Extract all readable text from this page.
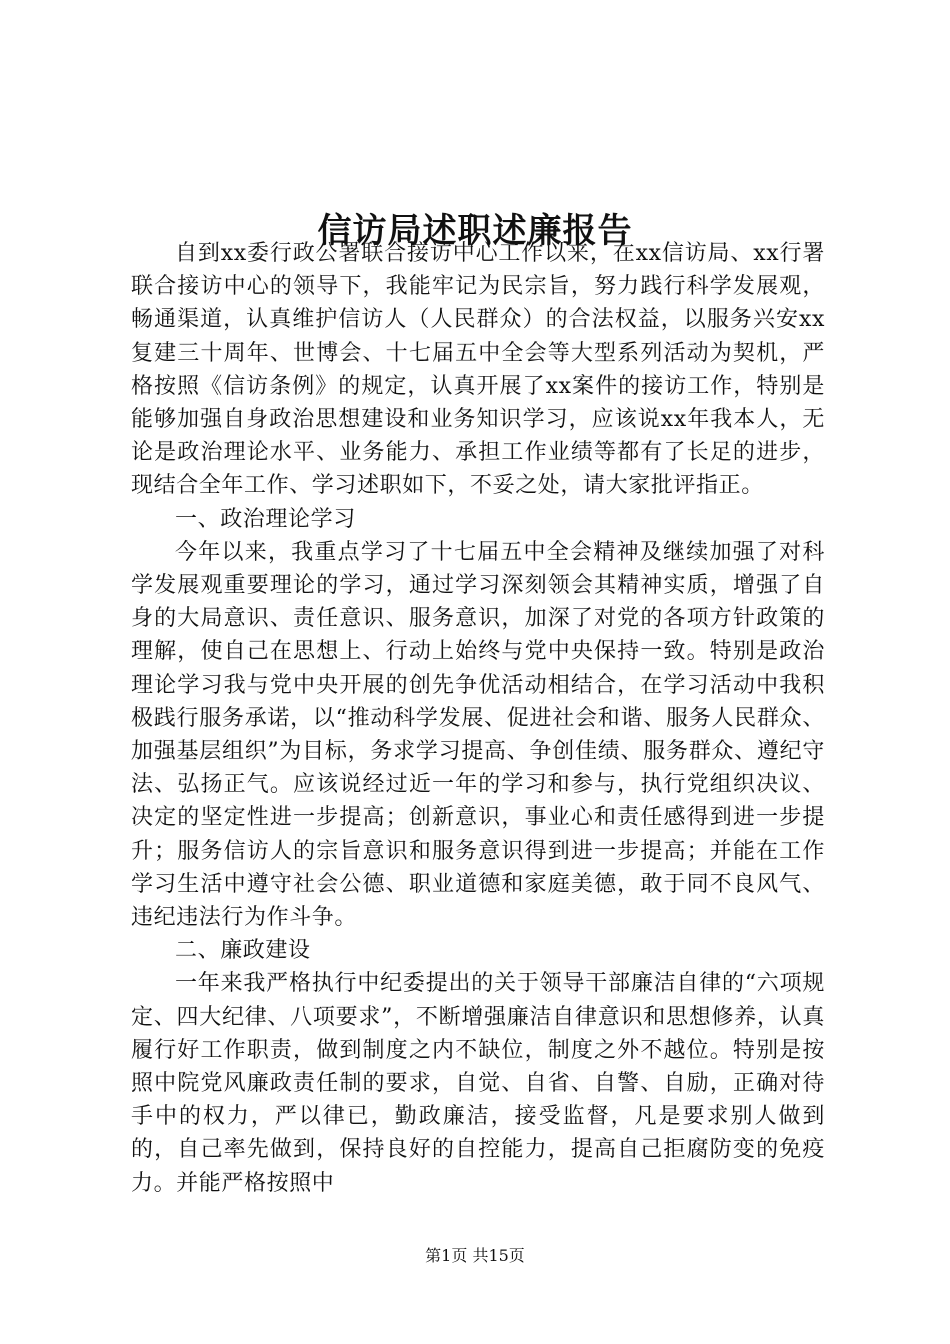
信访局述职述廉报告

自到xx委行政公署联合接访中心工作以来，在xx信访局、xx行署联合接访中心的领导下，我能牢记为民宗旨，努力践行科学发展观，畅通渠道，认真维护信访人（人民群众）的合法权益，以服务兴安xx复建三十周年、世博会、十七届五中全会等大型系列活动为契机，严格按照《信访条例》的规定，认真开展了xx案件的接访工作，特别是能够加强自身政治思想建设和业务知识学习，应该说xx年我本人，无论是政治理论水平、业务能力、承担工作业绩等都有了长足的进步，现结合全年工作、学习述职如下，不妥之处，请大家批评指正。

一、政治理论学习

今年以来，我重点学习了十七届五中全会精神及继续加强了对科学发展观重要理论的学习，通过学习深刻领会其精神实质，增强了自身的大局意识、责任意识、服务意识，加深了对党的各项方针政策的理解，使自己在思想上、行动上始终与党中央保持一致。特别是政治理论学习我与党中央开展的创先争优活动相结合，在学习活动中我积极践行服务承诺，以“推动科学发展、促进社会和谐、服务人民群众、加强基层组织”为目标，务求学习提高、争创佳绩、服务群众、遵纪守法、弘扬正气。应该说经过近一年的学习和参与，执行党组织决议、决定的坚定性进一步提高；创新意识，事业心和责任感得到进一步提升；服务信访人的宗旨意识和服务意识得到进一步提高；并能在工作学习生活中遵守社会公德、职业道德和家庭美德，敢于同不良风气、违纪违法行为作斗争。

二、廉政建设

一年来我严格执行中纪委提出的关于领导干部廉洁自律的“六项规定、四大纪律、八项要求”，不断增强廉洁自律意识和思想修养，认真履行好工作职责，做到制度之内不缺位，制度之外不越位。特别是按照中院党风廉政责任制的要求，自觉、自省、自警、自励，正确对待手中的权力，严以律已，勤政廉洁，接受监督，凡是要求别人做到的，自己率先做到，保持良好的自控能力，提高自己拒腐防变的免疫力。并能严格按照中

第1页 共15页
